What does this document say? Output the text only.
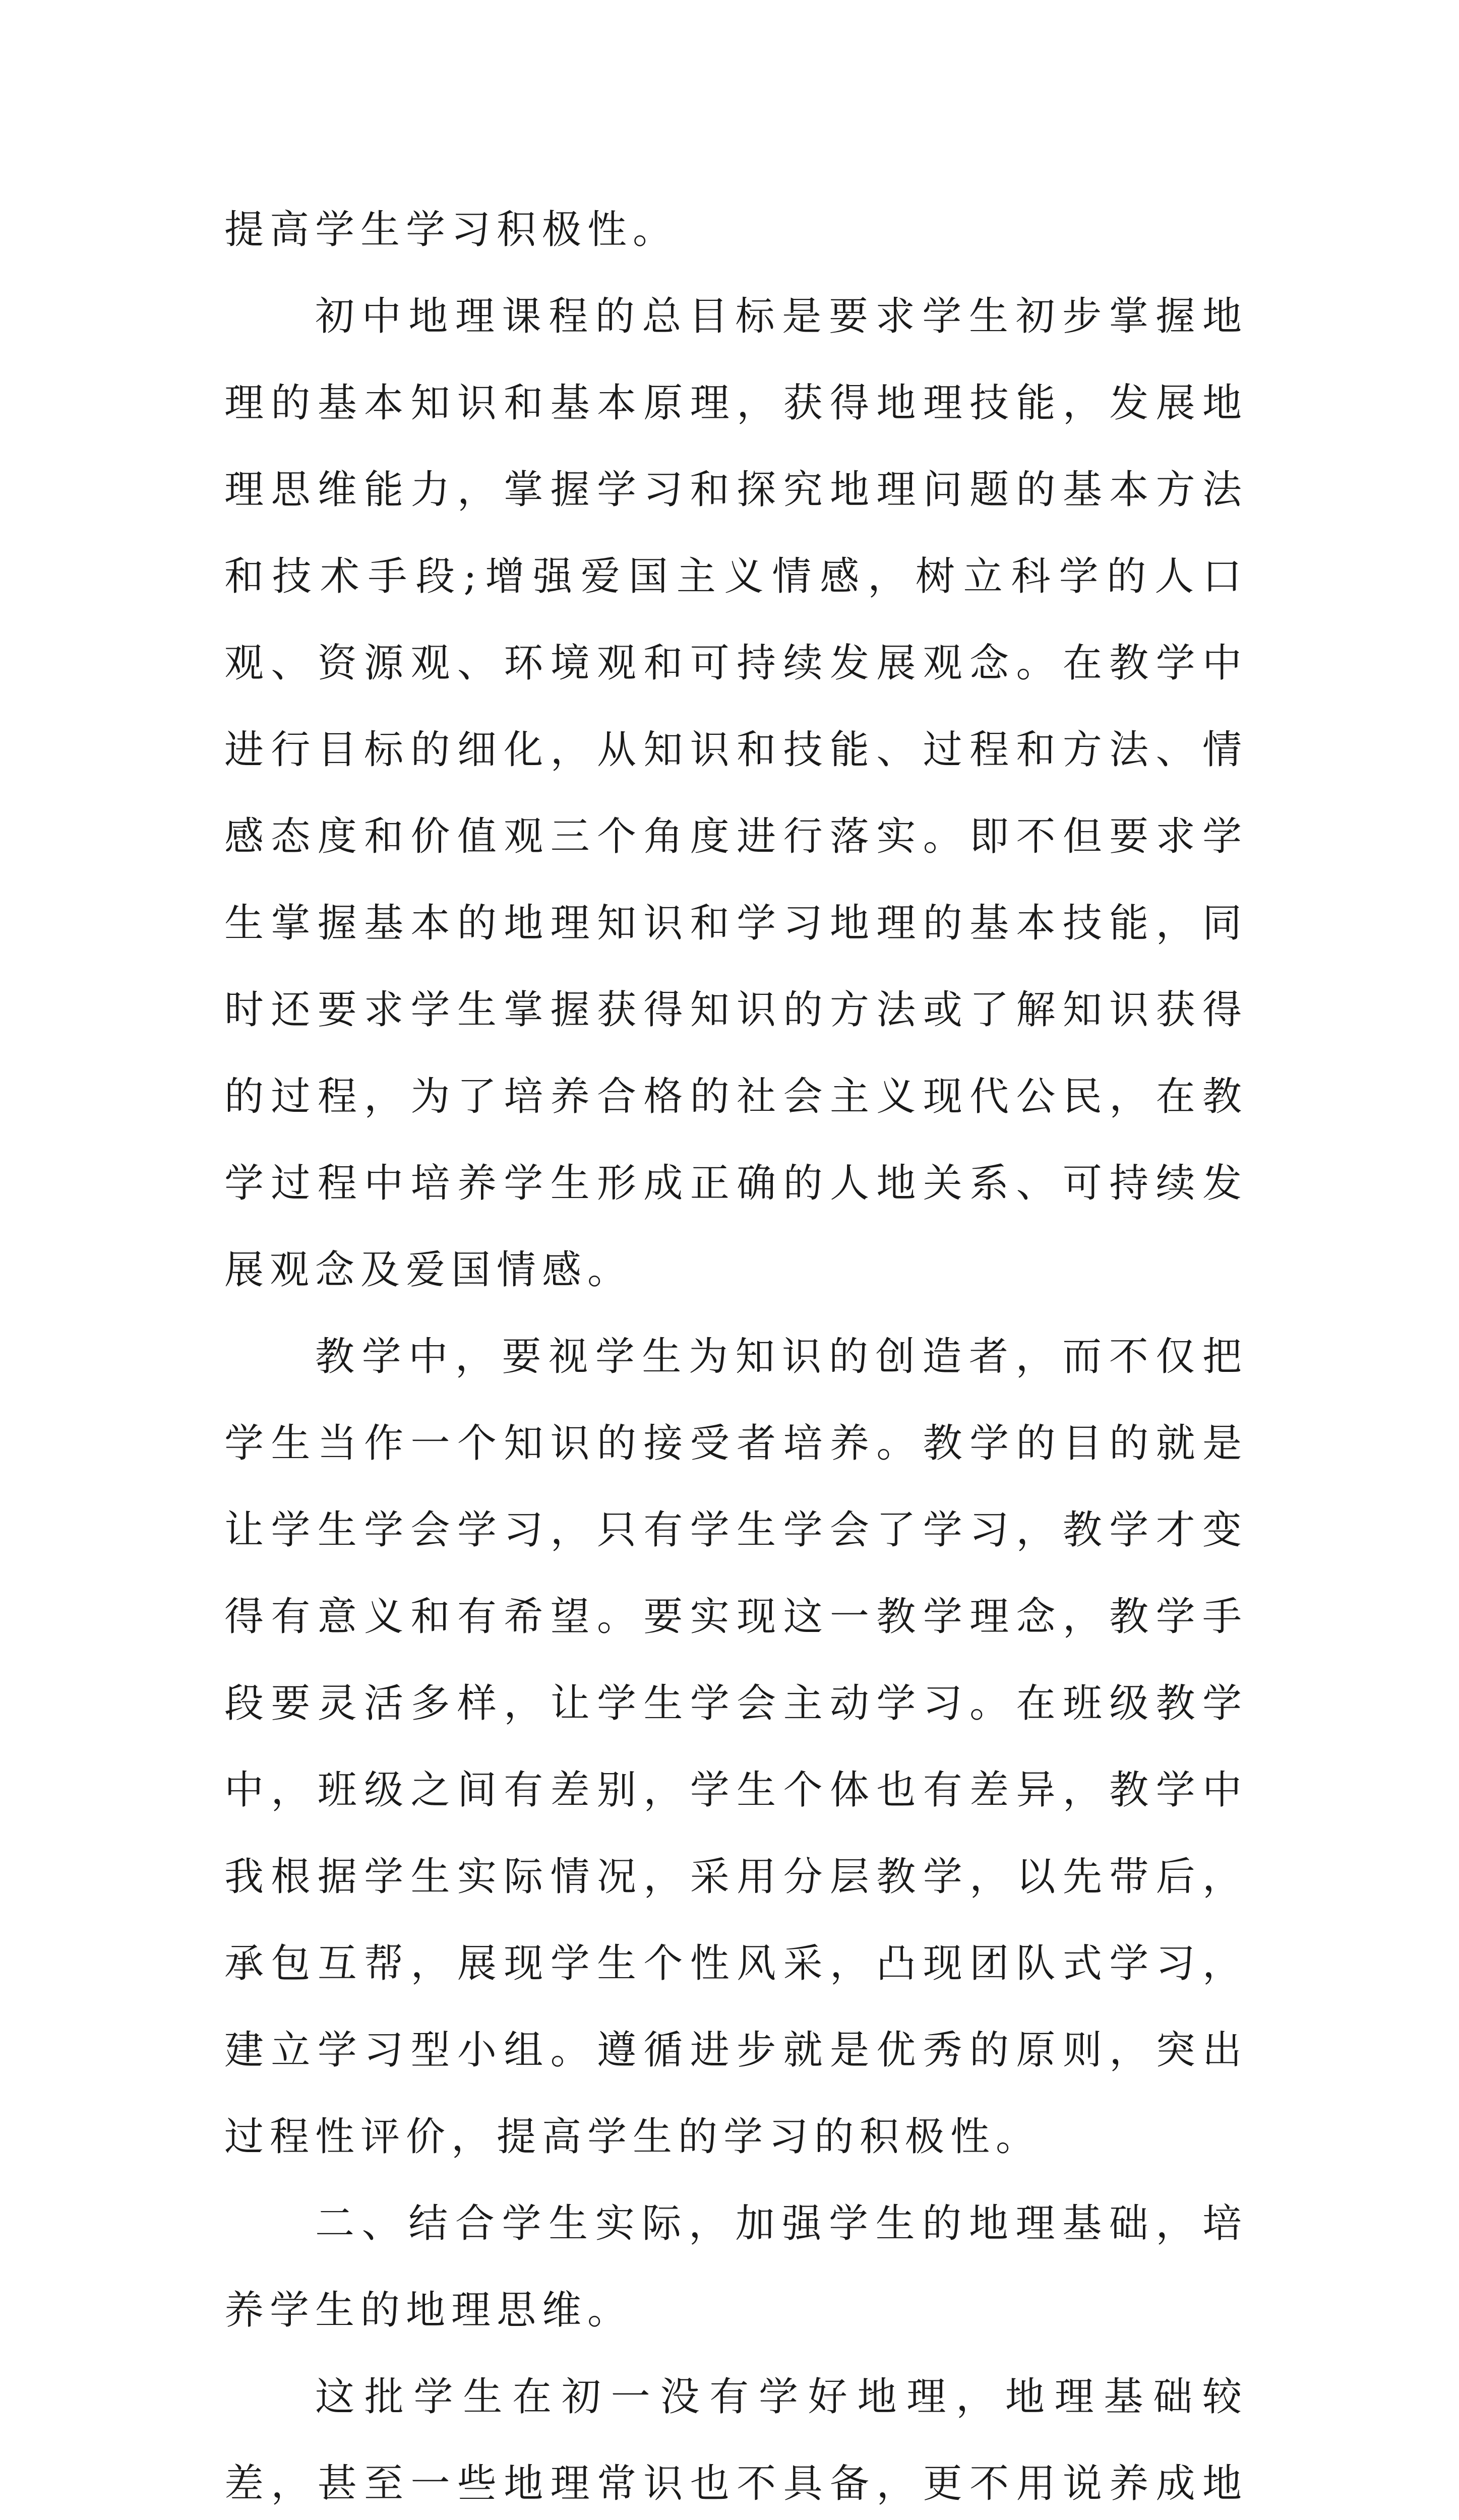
提高学生学习积极性。

初中地理课程的总目标是要求学生初步掌握地理的基本知识和基本原理，获得地理技能，发展地理思维能力，掌握学习和探究地理问题的基本方法和技术手段;增强爱国主义情感，树立科学的人口观、资源观、环境观和可持续发展观念。在教学中进行目标的细化，从知识和技能、过程和方法、情感态度和价值观三个角度进行落实。即不但要求学生掌握基本的地理知识和学习地理的基本技能，同时还要求学生掌握获得知识的方法或了解知识获得的过程，为了培养合格的社会主义现代公民，在教学过程中培养学生形成正确的人地关系、可持续发展观念及爱国情感。

教学中，要视学生为知识的创造者，而不仅把学生当作一个知识的接受者培养。教学的目的就是让学生学会学习，只有学生学会了学习，教学才变得有意义和有希望。要实现这一教学理念，教学手段要灵活多样，让学生学会主动学习。在班级教学中，班级之间有差别，学生个体也有差异，教学中我根据学生实际情况，采用分层教学，以先带后，承包互帮，展现学生个性风采，凸现团队式学习，建立学习型小组。遵循进步就是优秀的原则，突出过程性评价，提高学生的学习的积极性。

二、结合学生实际，加强学生的地理基础，培养学生的地理思维。

这批学生在初一没有学好地理，地理基础较差，甚至一些地理常识也不具备，更不用说养成地
